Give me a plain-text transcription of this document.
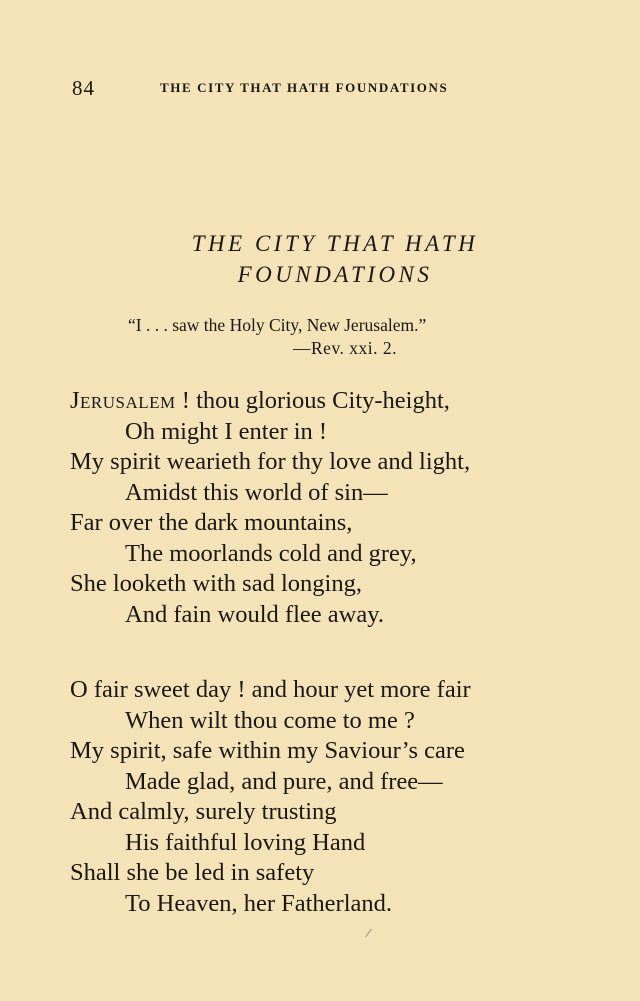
84	THE CITY THAT HATH FOUNDATIONS
THE CITY THAT HATH
FOUNDATIONS
“I . . . saw the Holy City, New Jerusalem.”
—Rev. xxi. 2.
Jerusalem ! thou glorious City-height,
Oh might I enter in !
My spirit wearieth for thy love and light,
Amidst this world of sin—
Far over the dark mountains,
The moorlands cold and grey,
She looketh with sad longing,
And fain would flee away.
O fair sweet day ! and hour yet more fair
When wilt thou come to me ?
My spirit, safe within my Saviour’s care
Made glad, and pure, and free—
And calmly, surely trusting
His faithful loving Hand
Shall she be led in safety
To Heaven, her Fatherland.
